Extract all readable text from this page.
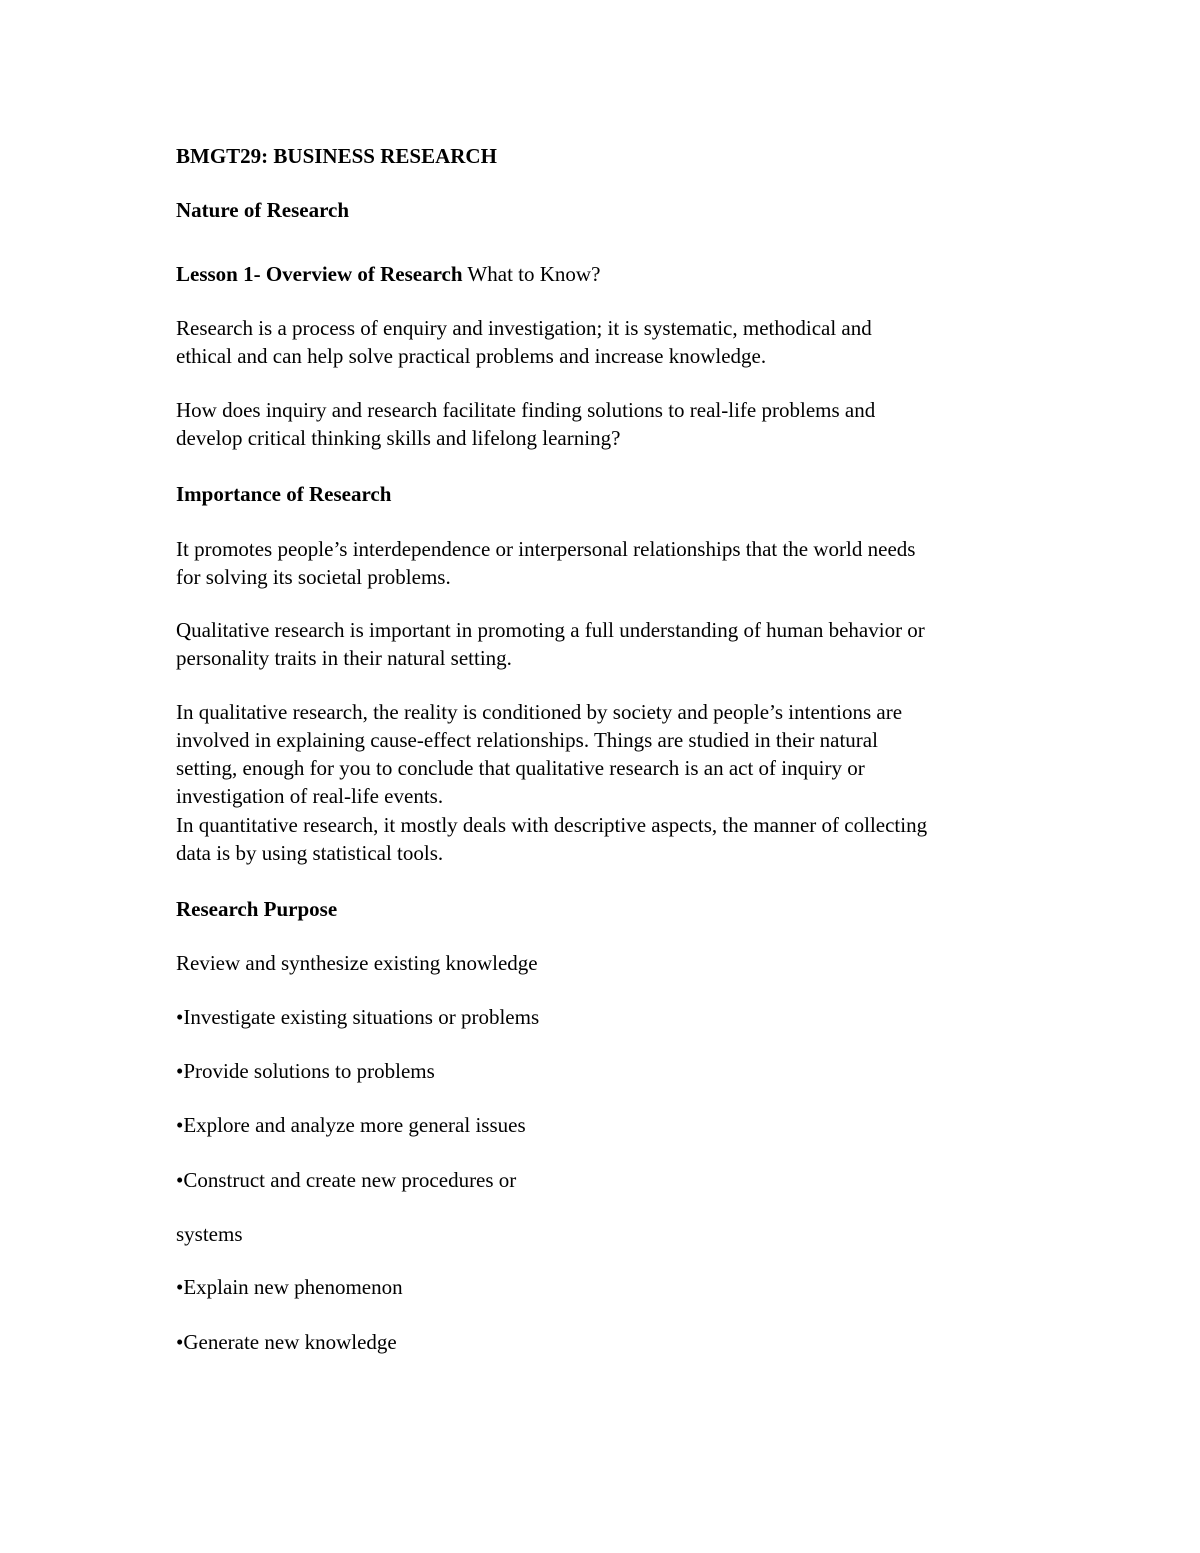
BMGT29: BUSINESS RESEARCH
Nature of Research
Lesson 1- Overview of Research What to Know?
Research is a process of enquiry and investigation; it is systematic, methodical and
ethical and can help solve practical problems and increase knowledge.
How does inquiry and research facilitate finding solutions to real-life problems and
develop critical thinking skills and lifelong learning?
Importance of Research
It promotes people’s interdependence or interpersonal relationships that the world needs
for solving its societal problems.
Qualitative research is important in promoting a full understanding of human behavior or
personality traits in their natural setting.
In qualitative research, the reality is conditioned by society and people’s intentions are
involved in explaining cause-effect relationships. Things are studied in their natural
setting, enough for you to conclude that qualitative research is an act of inquiry or
investigation of real-life events.
In quantitative research, it mostly deals with descriptive aspects, the manner of collecting
data is by using statistical tools.
Research Purpose
Review and synthesize existing knowledge
•Investigate existing situations or problems
•Provide solutions to problems
•Explore and analyze more general issues
•Construct and create new procedures or
systems
•Explain new phenomenon
•Generate new knowledge
